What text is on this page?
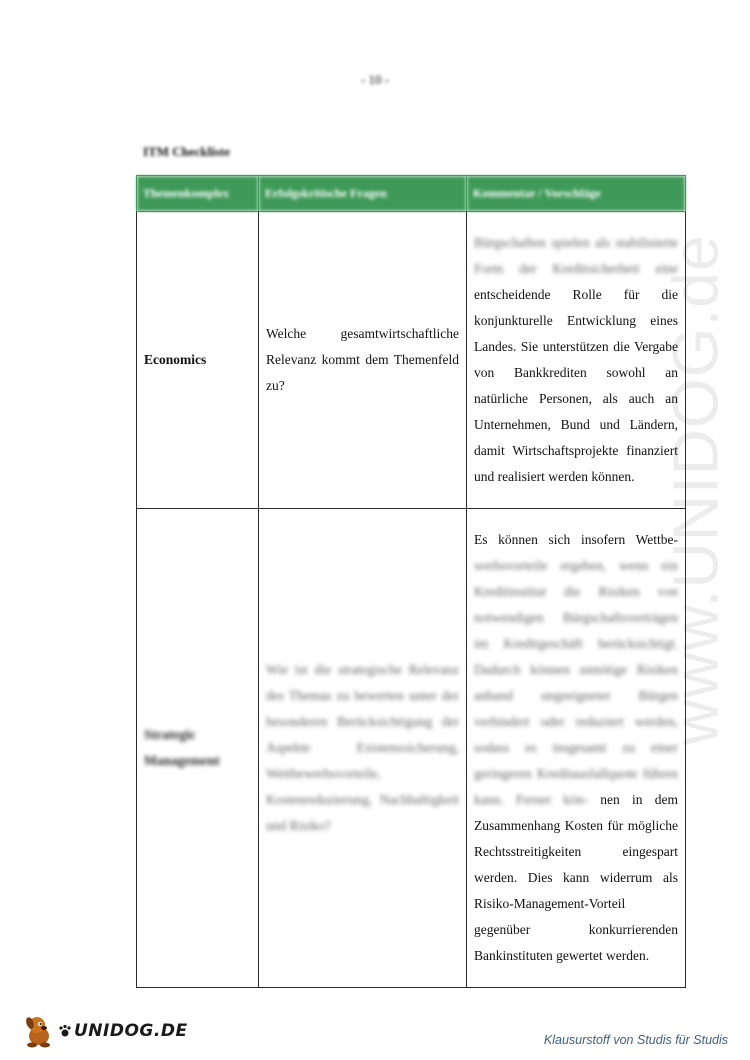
- 10 -
www.UNIDOG.de
ITM Checkliste
Themenkomplex	Erfolgskritische Fragen	Kommentar / Vorschläge
Economics	Welche gesamtwirtschaftliche Relevanz kommt dem Themenfeld zu?	Bürgschaften spielen als stabilisierte Form der Kreditsicherheit eine entscheidende Rolle für die konjunkturelle Entwicklung eines Landes. Sie unterstützen die Vergabe von Bankkrediten sowohl an natürliche Personen, als auch an Unternehmen, Bund und Ländern, damit Wirtschaftsprojekte finanziert und realisiert werden können.
Strategic Management	Wie ist die strategische Relevanz des Themas zu bewerten unter der besonderen Berücksichtigung der Aspekte Existenzsicherung, Wettbewerbsvorteile, Kostenreduzierung, Nachhaltigkeit und Risiko?	Es können sich insofern Wettbe- werbsvorteile ergeben, wenn ein Kreditinstitut die Risiken von notwendigen Bürgschaftsverträgen im Kreditgeschäft berücksichtigt. Dadurch können unnötige Risiken anhand ungeeigneter Bürgen verhindert oder reduziert werden, sodass es insgesamt zu einer geringeren Kreditausfallquote führen kann. Ferner kön- nen in dem Zusammenhang Kosten für mögliche Rechtsstreitigkeiten eingespart werden. Dies kann widerrum als Risiko-Management-Vorteil gegenüber konkurrierenden Bankinstituten gewertet werden.
UNIDOG.DE	Klausurstoff von Studis für Studis
